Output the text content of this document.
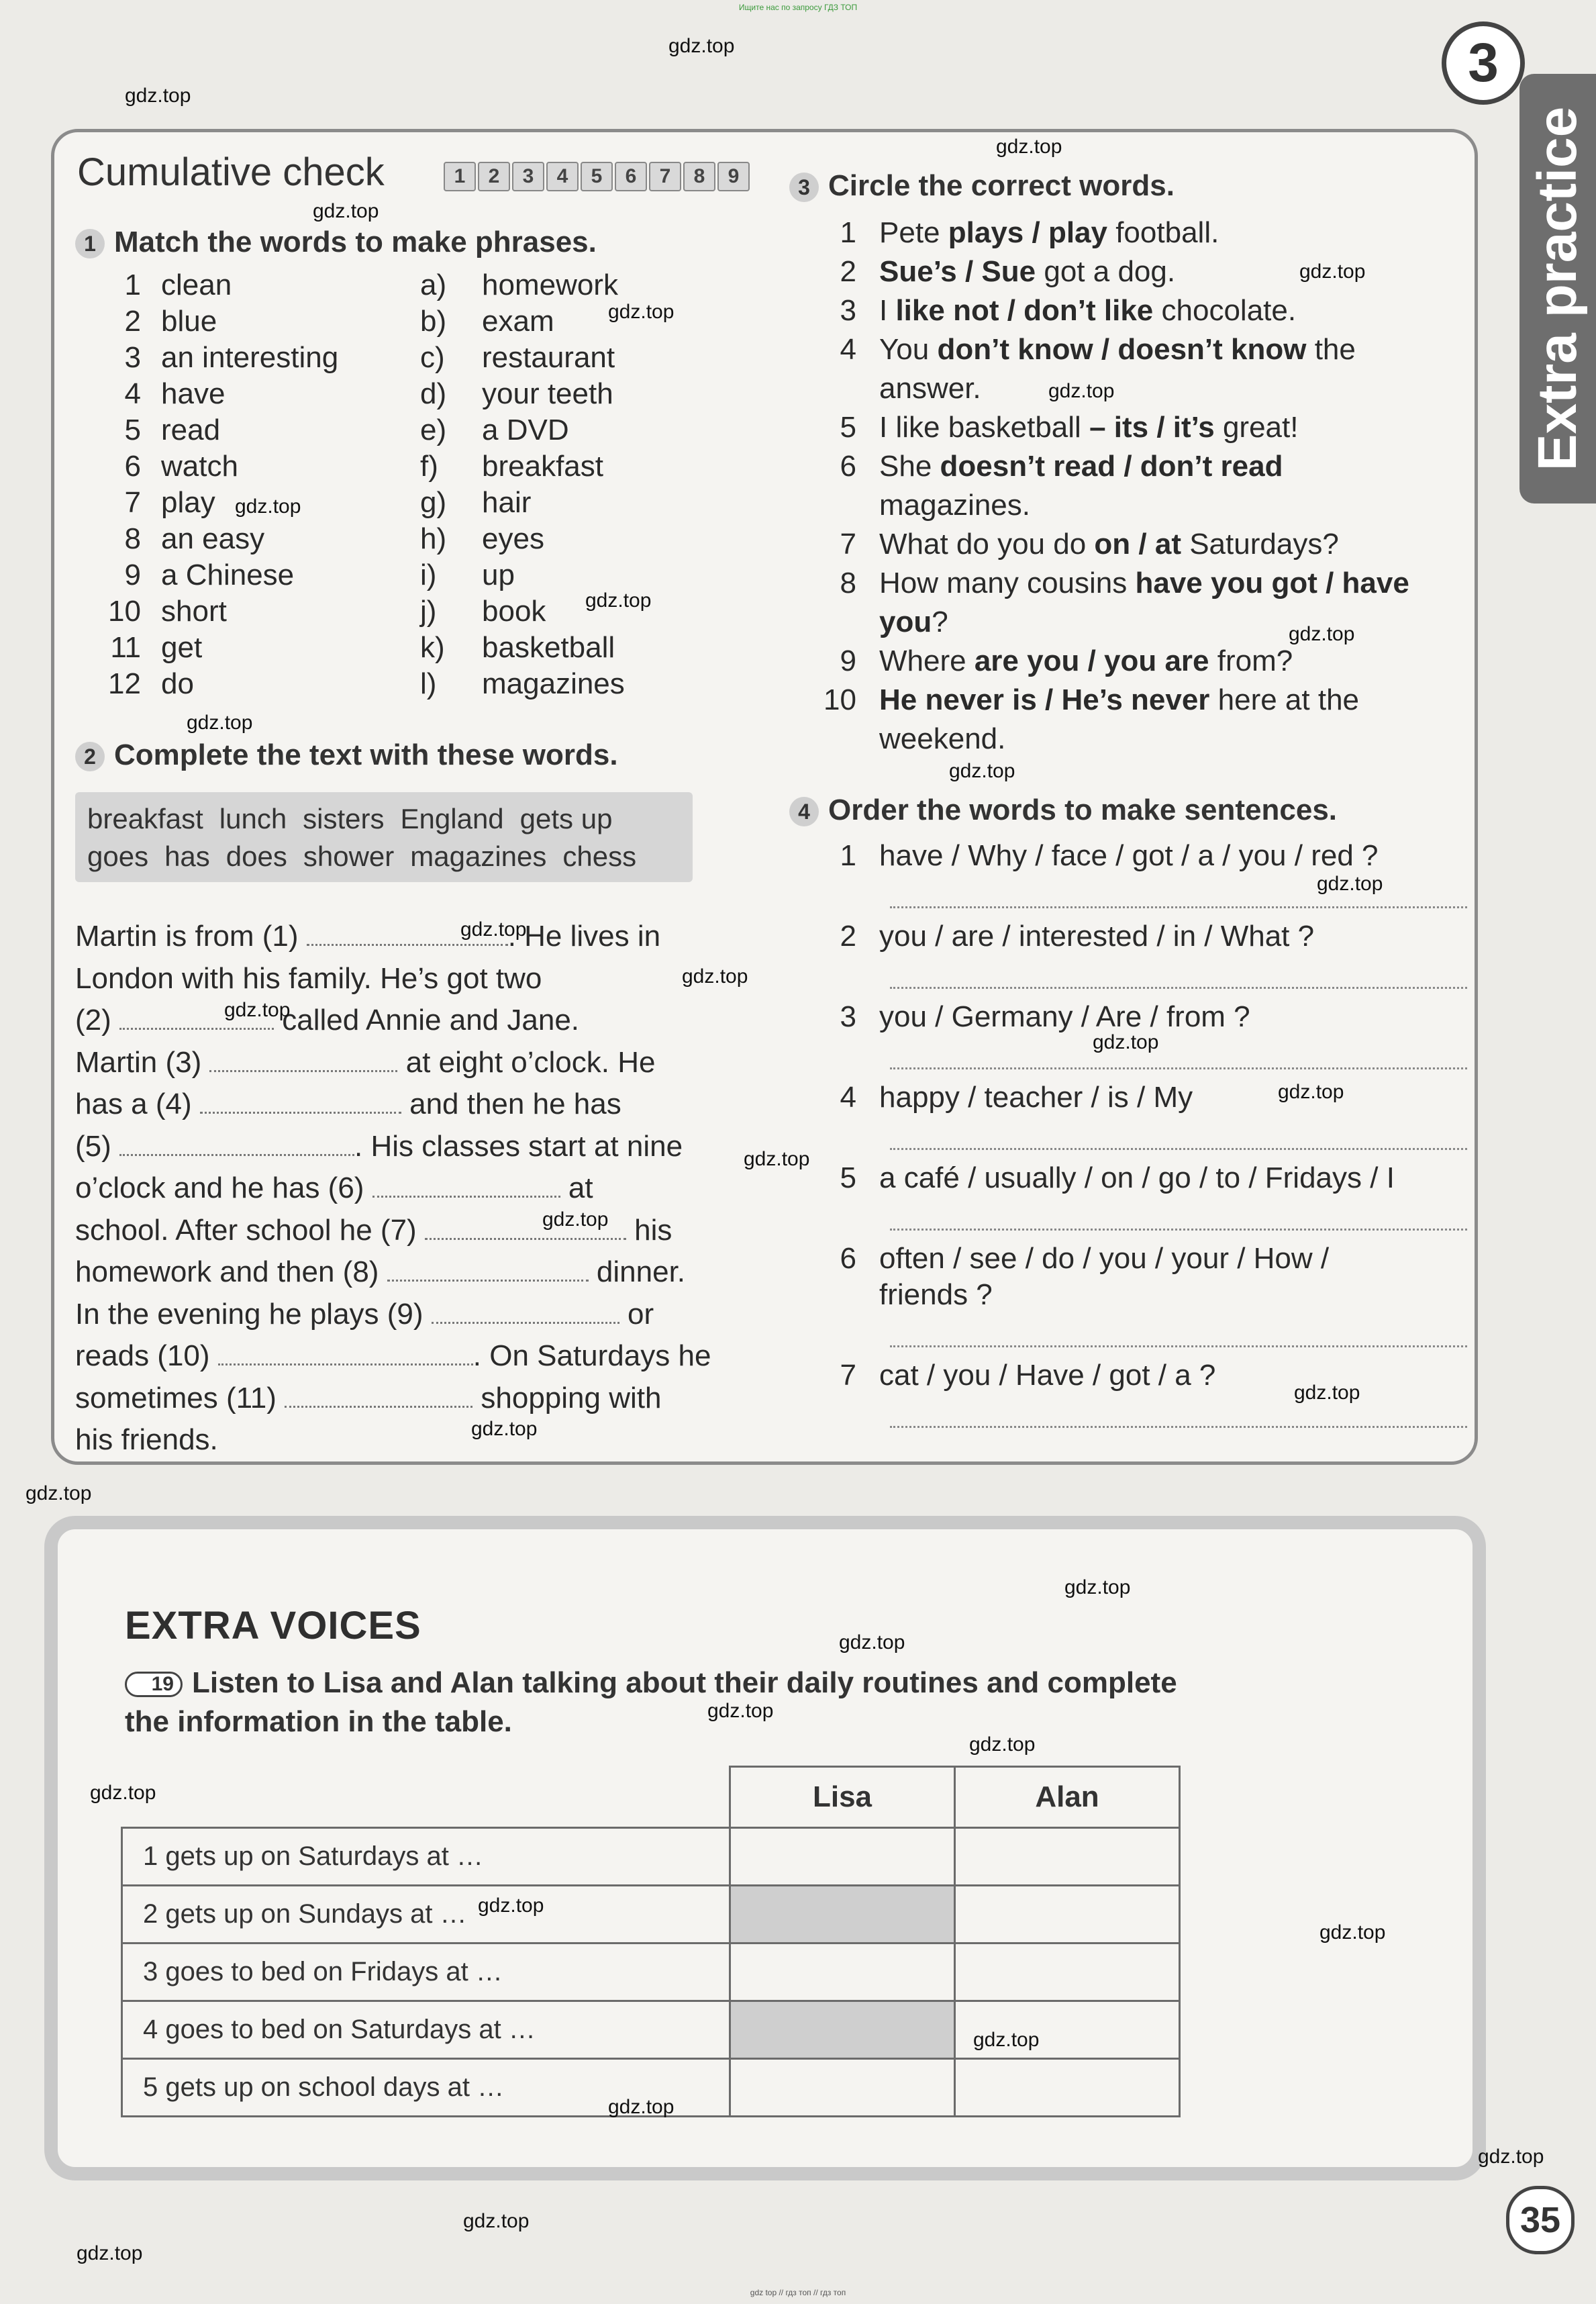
Ищите нас по запросу ГДЗ ТОП
3
Extra practice
Cumulative check	1	2	3	4	5	6	7	8	9
1 Match the words to make phrases.
1 clean	a) homework
2 blue	b) exam
3 an interesting	c) restaurant
4 have	d) your teeth
5 read	e) a DVD
6 watch	f) breakfast
7 play	g) hair
8 an easy	h) eyes
9 a Chinese	i) up
10 short	j) book
11 get	k) basketball
12 do	l) magazines
2 Complete the text with these words.
breakfast lunch sisters England gets up
goes has does shower magazines chess
Martin is from (1)	. He lives in
London with his family. He’s got two
(2)	called Annie and Jane.
Martin (3)	at eight o’clock. He
has a (4)	and then he has
(5)	. His classes start at nine
o’clock and he has (6)	at
school. After school he (7)	his
homework and then (8)	dinner.
In the evening he plays (9)	or
reads (10)	. On Saturdays he
sometimes (11)	shopping with
his friends.
3 Circle the correct words.
1 Pete plays / play football.
2 Sue’s / Sue got a dog.
3 I like not / don’t like chocolate.
4 You don’t know / doesn’t know the
answer.
5 I like basketball – its / it’s great!
6 She doesn’t read / don’t read
magazines.
7 What do you do on / at Saturdays?
8 How many cousins have you got / have
you?
9 Where are you / you are from?
10 He never is / He’s never here at the
weekend.
4 Order the words to make sentences.
1 have / Why / face / got / a / you / red ?
2 you / are / interested / in / What ?
3 you / Germany / Are / from ?
4 happy / teacher / is / My
5 a café / usually / on / go / to / Fridays / I
6 often / see / do / you / your / How /
friends ?
7 cat / you / Have / got / a ?
EXTRA VOICES
19 Listen to Lisa and Alan talking about their daily routines and complete the information in the table.
	Lisa	Alan
1 gets up on Saturdays at …		
2 gets up on Sundays at …		
3 goes to bed on Fridays at …		
4 goes to bed on Saturdays at …		
5 gets up on school days at …		
35
gdz top // гдз топ // гдз топ
gdz.top
gdz.top
gdz.top
gdz.top
gdz.top
gdz.top
gdz.top
gdz.top
gdz.top
gdz.top
gdz.top
gdz.top
gdz.top
gdz.top
gdz.top
gdz.top
gdz.top
gdz.top
gdz.top
gdz.top
gdz.top
gdz.top
gdz.top
gdz.top
gdz.top
gdz.top
gdz.top
gdz.top
gdz.top
gdz.top
gdz.top
gdz.top
gdz.top
gdz.top
gdz.top
